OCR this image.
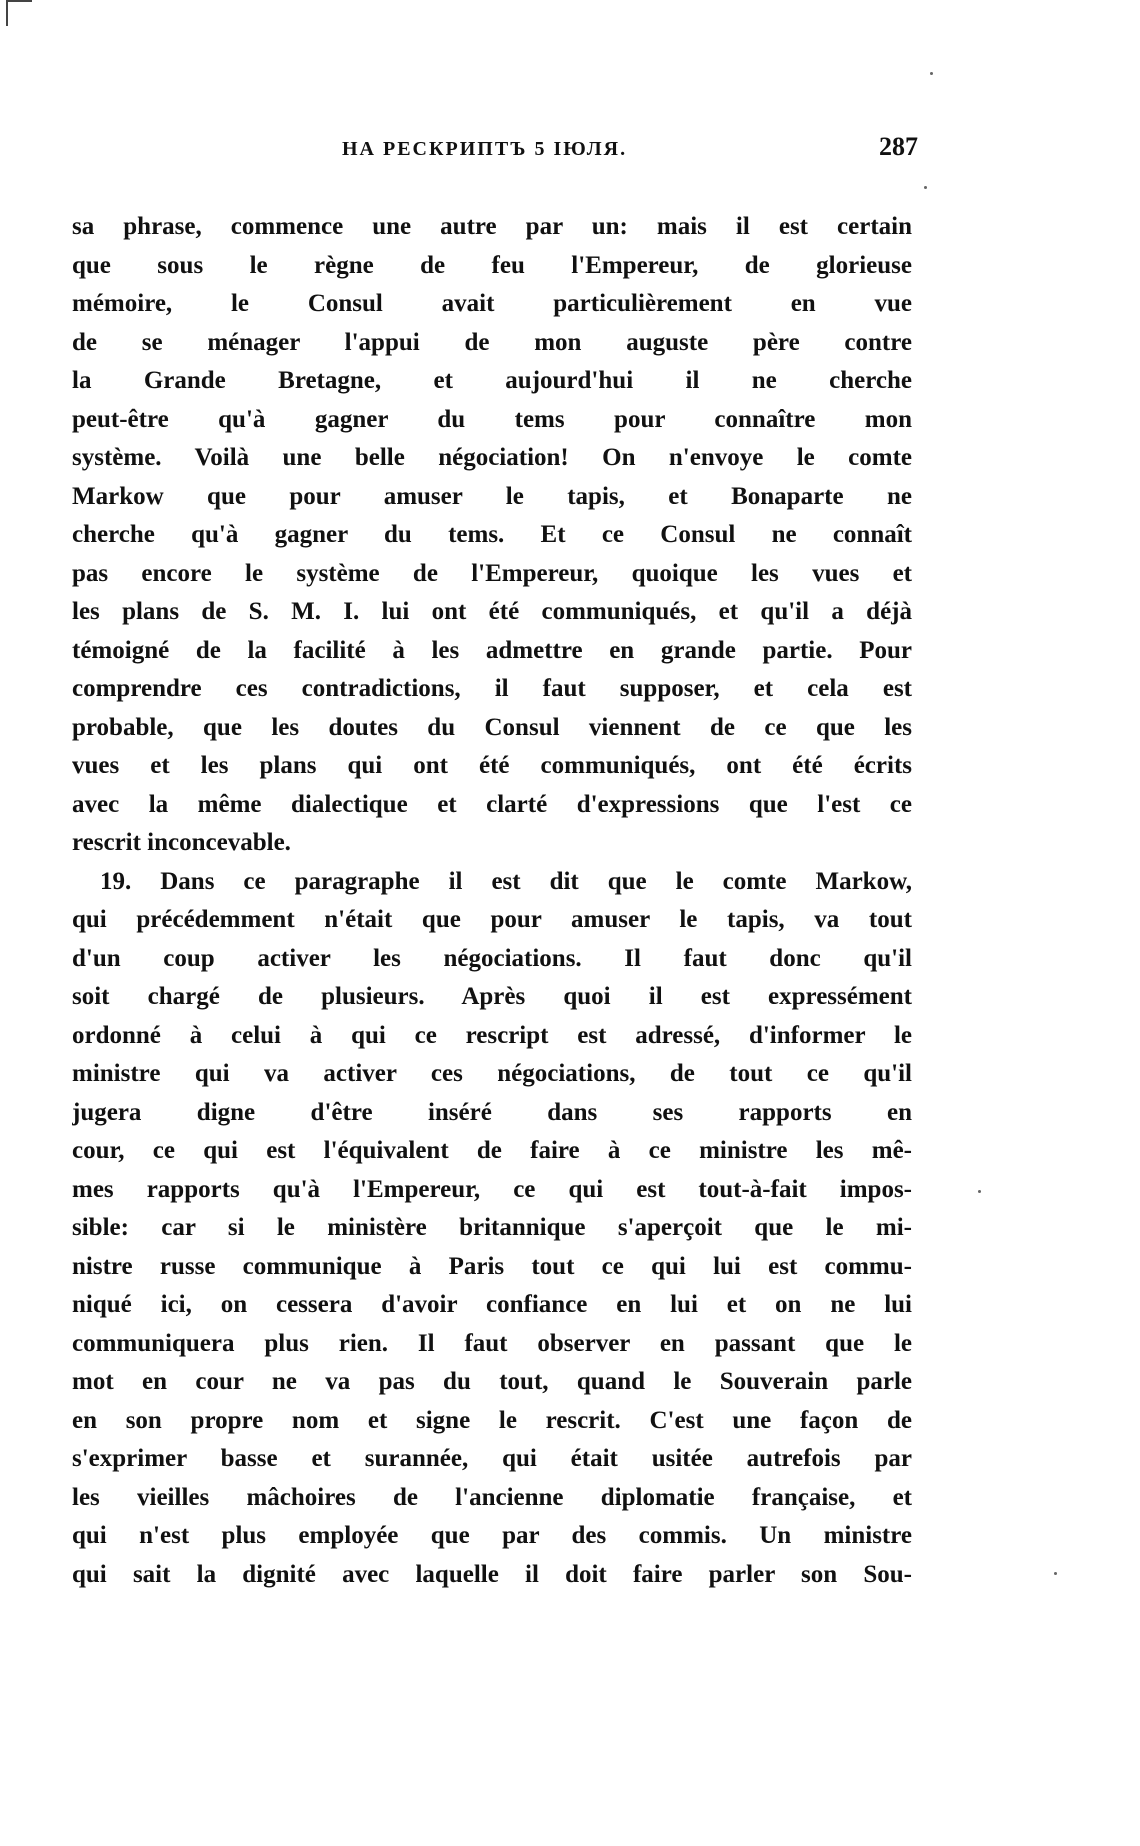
НА РЕСКРИПТЪ 5 ІЮЛЯ.	287
sa phrase, commence une autre par un: mais il est certain
que sous le règne de feu l'Empereur, de glorieuse
mémoire, le Consul avait particulièrement en vue
de se ménager l'appui de mon auguste père contre
la Grande Bretagne, et aujourd'hui il ne cherche
peut-être qu'à gagner du tems pour connaître mon
système. Voilà une belle négociation! On n'envoye le comte
Markow que pour amuser le tapis, et Bonaparte ne
cherche qu'à gagner du tems. Et ce Consul ne connaît
pas encore le système de l'Empereur, quoique les vues et
les plans de S. M. I. lui ont été communiqués, et qu'il a déjà
témoigné de la facilité à les admettre en grande partie. Pour
comprendre ces contradictions, il faut supposer, et cela est
probable, que les doutes du Consul viennent de ce que les
vues et les plans qui ont été communiqués, ont été écrits
avec la même dialectique et clarté d'expressions que l'est ce
rescrit inconcevable.
19. Dans ce paragraphe il est dit que le comte Markow,
qui précédemment n'était que pour amuser le tapis, va tout
d'un coup activer les négociations. Il faut donc qu'il
soit chargé de plusieurs. Après quoi il est expressément
ordonné à celui à qui ce rescript est adressé, d'informer le
ministre qui va activer ces négociations, de tout ce qu'il
jugera digne d'être inséré dans ses rapports en
cour, ce qui est l'équivalent de faire à ce ministre les mê-
mes rapports qu'à l'Empereur, ce qui est tout-à-fait impos-
sible: car si le ministère britannique s'aperçoit que le mi-
nistre russe communique à Paris tout ce qui lui est commu-
niqué ici, on cessera d'avoir confiance en lui et on ne lui
communiquera plus rien. Il faut observer en passant que le
mot en cour ne va pas du tout, quand le Souverain parle
en son propre nom et signe le rescrit. C'est une façon de
s'exprimer basse et surannée, qui était usitée autrefois par
les vieilles mâchoires de l'ancienne diplomatie française, et
qui n'est plus employée que par des commis. Un ministre
qui sait la dignité avec laquelle il doit faire parler son Sou-
